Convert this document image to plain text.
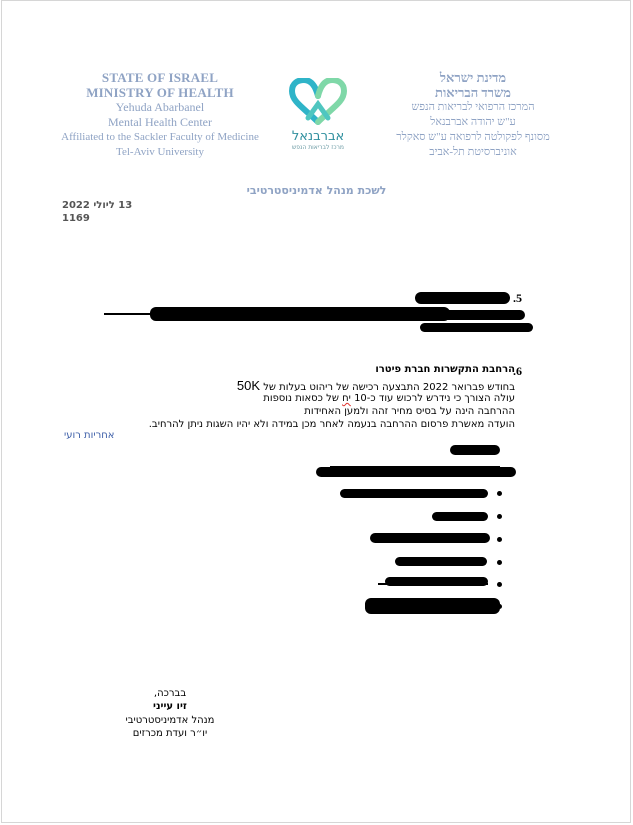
STATE OF ISRAEL
MINISTRY OF HEALTH
Yehuda Abarbanel
Mental Health Center
Affiliated to the Sackler Faculty of Medicine
Tel-Aviv University
אברבנאל
מרכז לבריאות הנפש
מדינת ישראל
משרד הבריאות
המרכז הרפואי לבריאות הנפש
ע"ש יהודה אברבנאל
מסונף לפקולטה לרפואה ע"ש סאקלר
אוניברסיטת תל-אביב
לשכת מנהל אדמיניסטרטיבי
13 ליולי 2022
1169
.5
.6
הרחבת התקשרות חברת פיטרו
בחודש פברואר 2022 התבצעה רכישה של ריהוט בעלות של 50K
עולה הצורך כי נידרש לרכוש עוד כ-10 יח של כסאות נוספות
ההרחבה הינה על בסיס מחיר זהה ולמען האחידות
הועדה מאשרת פרסום ההרחבה בנעמה לאחר מכן במידה ולא יהיו השגות ניתן להרחיב.
אחריות רועי
בברכה,
זיו עייני
מנהל אדמיניסטרטיבי
יו״ר ועדת מכרזים
